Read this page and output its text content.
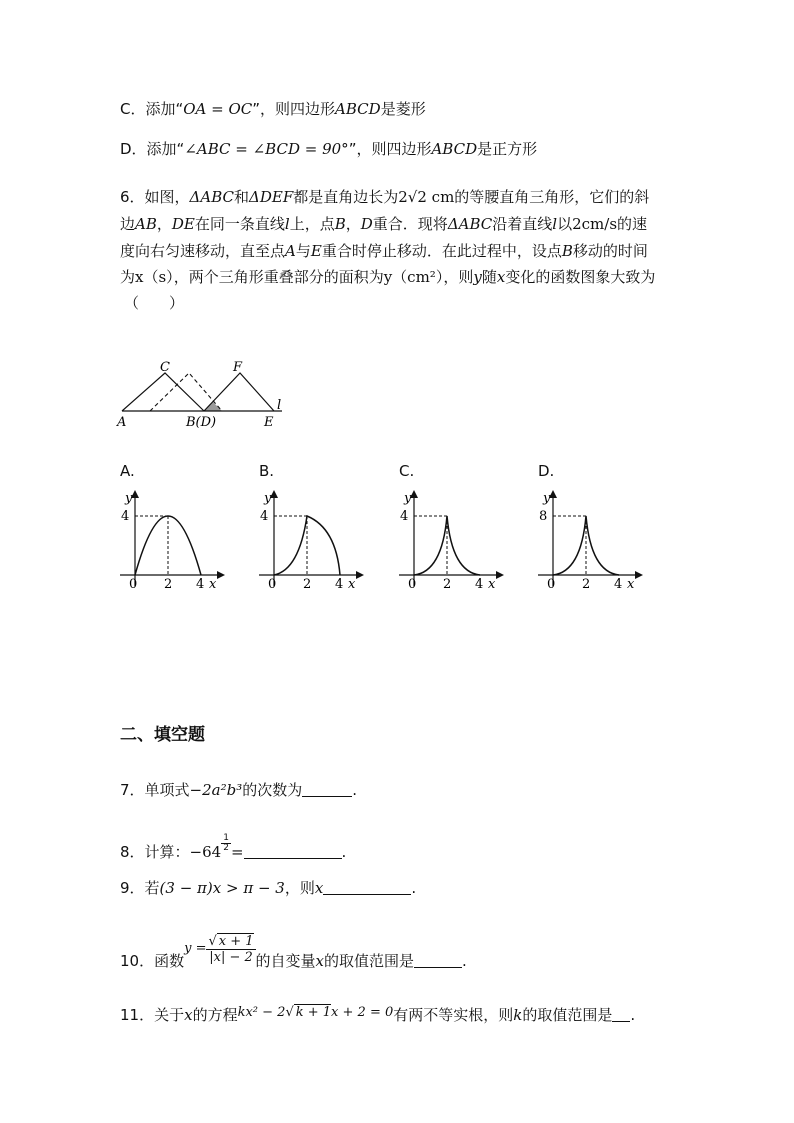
C．添加“OA = OC”，则四边形ABCD是菱形
D．添加“∠ABC = ∠BCD = 90°”，则四边形ABCD是正方形
6．如图，ΔABC和ΔDEF都是直角边长为2√2 cm的等腰直角三角形，它们的斜
边AB，DE在同一条直线l上，点B，D重合．现将ΔABC沿着直线l以2cm/s的速
度向右匀速移动，直至点A与E重合时停止移动．在此过程中，设点B移动的时间
为x（s），两个三角形重叠部分的面积为y（cm²），则y随x变化的函数图象大致为
（　　）
C	F
A	B(D)	E
l
A.	B.	C.	D.
y
4
0 2 4 x
y
4
0 2 4 x
y
4
0 2 4 x
y
8
0 2 4 x
二、填空题
7．单项式−2a²b³的次数为	.
8．计算：$-64 \frac{1}{2}$ =	.
9．若(3 − π)x > π − 3，则x	.
10．函数$y = \frac{√ x + 1}{|x| - 2}$ 的自变量x的取值范围是	.
11．关于x的方程kx² − 2√ k + 1x + 2 = 0有两不等实根，则k的取值范围是 .
